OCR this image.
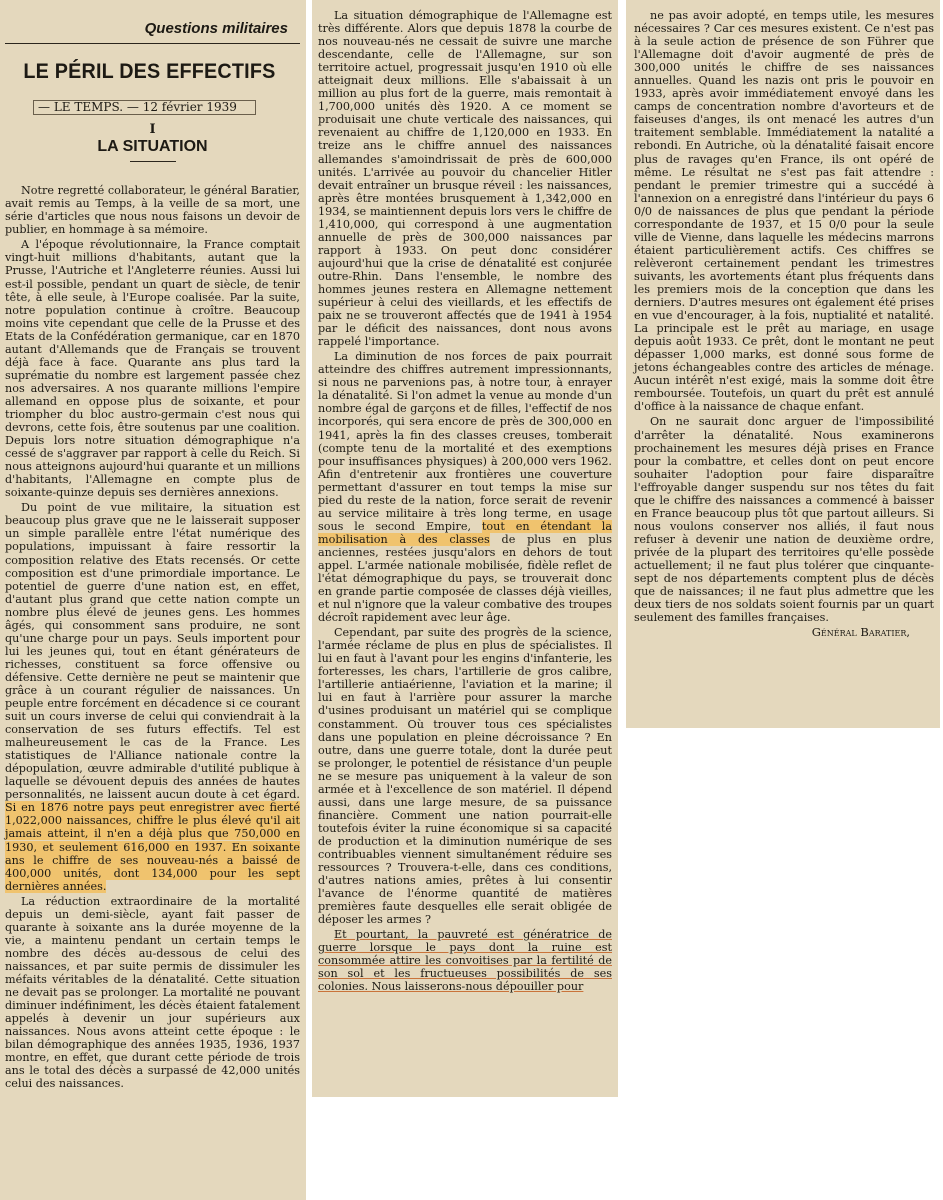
Questions militaires
LE PÉRIL DES EFFECTIFS
— LE TEMPS. — 12 février 1939
I
LA SITUATION

Notre regretté collaborateur, le général Baratier, avait remis au Temps, à la veille de sa mort, une série d'articles que nous nous faisons un devoir de publier, en hommage à sa mémoire.

A l'époque révolutionnaire, la France comptait vingt-huit millions d'habitants, autant que la Prusse, l'Autriche et l'Angleterre réunies. Aussi lui est-il possible, pendant un quart de siècle, de tenir tête, à elle seule, à l'Europe coalisée. Par la suite, notre population continue à croître. Beaucoup moins vite cependant que celle de la Prusse et des Etats de la Confédération germanique, car en 1870 autant d'Allemands que de Français se trouvent déjà face à face. Quarante ans plus tard la suprématie du nombre est largement passée chez nos adversaires. A nos quarante millions l'empire allemand en oppose plus de soixante, et pour triompher du bloc austro-germain c'est nous qui devrons, cette fois, être soutenus par une coalition. Depuis lors notre situation démographique n'a cessé de s'aggraver par rapport à celle du Reich. Si nous atteignons aujourd'hui quarante et un millions d'habitants, l'Allemagne en compte plus de soixante-quinze depuis ses dernières annexions.

Du point de vue militaire, la situation est beaucoup plus grave que ne le laisserait supposer un simple parallèle entre l'état numérique des populations, impuissant à faire ressortir la composition relative des Etats recensés. Or cette composition est d'une primordiale importance. Le potentiel de guerre d'une nation est, en effet, d'autant plus grand que cette nation compte un nombre plus élevé de jeunes gens. Les hommes âgés, qui consomment sans produire, ne sont qu'une charge pour un pays. Seuls importent pour lui les jeunes qui, tout en étant générateurs de richesses, constituent sa force offensive ou défensive. Cette dernière ne peut se maintenir que grâce à un courant régulier de naissances. Un peuple entre forcément en décadence si ce courant suit un cours inverse de celui qui conviendrait à la conservation de ses futurs effectifs. Tel est malheureusement le cas de la France. Les statistiques de l'Alliance nationale contre la dépopulation, œuvre admirable d'utilité publique à laquelle se dévouent depuis des années de hautes personnalités, ne laissent aucun doute à cet égard. Si en 1876 notre pays peut enregistrer avec fierté 1,022,000 naissances, chiffre le plus élevé qu'il ait jamais atteint, il n'en a déjà plus que 750,000 en 1930, et seulement 616,000 en 1937. En soixante ans le chiffre de ses nouveau-nés a baissé de 400,000 unités, dont 134,000 pour les sept dernières années.

La réduction extraordinaire de la mortalité depuis un demi-siècle, ayant fait passer de quarante à soixante ans la durée moyenne de la vie, a maintenu pendant un certain temps le nombre des décès au-dessous de celui des naissances, et par suite permis de dissimuler les méfaits véritables de la dénatalité. Cette situation ne devait pas se prolonger. La mortalité ne pouvant diminuer indéfiniment, les décès étaient fatalement appelés à devenir un jour supérieurs aux naissances. Nous avons atteint cette époque : le bilan démographique des années 1935, 1936, 1937 montre, en effet, que durant cette période de trois ans le total des décès a surpassé de 42,000 unités celui des naissances.

La situation démographique de l'Allemagne est très différente. Alors que depuis 1878 la courbe de nos nouveau-nés ne cessait de suivre une marche descendante, celle de l'Allemagne, sur son territoire actuel, progressait jusqu'en 1910 où elle atteignait deux millions. Elle s'abaissait à un million au plus fort de la guerre, mais remontait à 1,700,000 unités dès 1920. A ce moment se produisait une chute verticale des naissances, qui revenaient au chiffre de 1,120,000 en 1933. En treize ans le chiffre annuel des naissances allemandes s'amoindrissait de près de 600,000 unités. L'arrivée au pouvoir du chancelier Hitler devait entraîner un brusque réveil : les naissances, après être montées brusquement à 1,342,000 en 1934, se maintiennent depuis lors vers le chiffre de 1,410,000, qui correspond à une augmentation annuelle de près de 300,000 naissances par rapport à 1933. On peut donc considérer aujourd'hui que la crise de dénatalité est conjurée outre-Rhin. Dans l'ensemble, le nombre des hommes jeunes restera en Allemagne nettement supérieur à celui des vieillards, et les effectifs de paix ne se trouveront affectés que de 1941 à 1954 par le déficit des naissances, dont nous avons rappelé l'importance.

La diminution de nos forces de paix pourrait atteindre des chiffres autrement impressionnants, si nous ne parvenions pas, à notre tour, à enrayer la dénatalité. Si l'on admet la venue au monde d'un nombre égal de garçons et de filles, l'effectif de nos incorporés, qui sera encore de près de 300,000 en 1941, après la fin des classes creuses, tomberait (compte tenu de la mortalité et des exemptions pour insuffisances physiques) à 200,000 vers 1962. Afin d'entretenir aux frontières une couverture permettant d'assurer en tout temps la mise sur pied du reste de la nation, force serait de revenir au service militaire à très long terme, en usage sous le second Empire, tout en étendant la mobilisation à des classes de plus en plus anciennes, restées jusqu'alors en dehors de tout appel. L'armée nationale mobilisée, fidèle reflet de l'état démographique du pays, se trouverait donc en grande partie composée de classes déjà vieilles, et nul n'ignore que la valeur combative des troupes décroît rapidement avec leur âge.

Cependant, par suite des progrès de la science, l'armée réclame de plus en plus de spécialistes. Il lui en faut à l'avant pour les engins d'infanterie, les forteresses, les chars, l'artillerie de gros calibre, l'artillerie antiaérienne, l'aviation et la marine; il lui en faut à l'arrière pour assurer la marche d'usines produisant un matériel qui se complique constamment. Où trouver tous ces spécialistes dans une population en pleine décroissance ? En outre, dans une guerre totale, dont la durée peut se prolonger, le potentiel de résistance d'un peuple ne se mesure pas uniquement à la valeur de son armée et à l'excellence de son matériel. Il dépend aussi, dans une large mesure, de sa puissance financière. Comment une nation pourrait-elle toutefois éviter la ruine économique si sa capacité de production et la diminution numérique de ses contribuables viennent simultanément réduire ses ressources ? Trouvera-t-elle, dans ces conditions, d'autres nations amies, prêtes à lui consentir l'avance de l'énorme quantité de matières premières faute desquelles elle serait obligée de déposer les armes ?

Et pourtant, la pauvreté est génératrice de guerre lorsque le pays dont la ruine est consommée attire les convoitises par la fertilité de son sol et les fructueuses possibilités de ses colonies. Nous laisserons-nous dépouiller pour

ne pas avoir adopté, en temps utile, les mesures nécessaires ? Car ces mesures existent. Ce n'est pas à la seule action de présence de son Führer que l'Allemagne doit d'avoir augmenté de près de 300,000 unités le chiffre de ses naissances annuelles. Quand les nazis ont pris le pouvoir en 1933, après avoir immédiatement envoyé dans les camps de concentration nombre d'avorteurs et de faiseuses d'anges, ils ont menacé les autres d'un traitement semblable. Immédiatement la natalité a rebondi. En Autriche, où la dénatalité faisait encore plus de ravages qu'en France, ils ont opéré de même. Le résultat ne s'est pas fait attendre : pendant le premier trimestre qui a succédé à l'annexion on a enregistré dans l'intérieur du pays 6 0/0 de naissances de plus que pendant la période correspondante de 1937, et 15 0/0 pour la seule ville de Vienne, dans laquelle les médecins marrons étaient particulièrement actifs. Ces chiffres se relèveront certainement pendant les trimestres suivants, les avortements étant plus fréquents dans les premiers mois de la conception que dans les derniers. D'autres mesures ont également été prises en vue d'encourager, à la fois, nuptialité et natalité. La principale est le prêt au mariage, en usage depuis août 1933. Ce prêt, dont le montant ne peut dépasser 1,000 marks, est donné sous forme de jetons échangeables contre des articles de ménage. Aucun intérêt n'est exigé, mais la somme doit être remboursée. Toutefois, un quart du prêt est annulé d'office à la naissance de chaque enfant.

On ne saurait donc arguer de l'impossibilité d'arrêter la dénatalité. Nous examinerons prochainement les mesures déjà prises en France pour la combattre, et celles dont on peut encore souhaiter l'adoption pour faire disparaître l'effroyable danger suspendu sur nos têtes du fait que le chiffre des naissances a commencé à baisser en France beaucoup plus tôt que partout ailleurs. Si nous voulons conserver nos alliés, il faut nous refuser à devenir une nation de deuxième ordre, privée de la plupart des territoires qu'elle possède actuellement; il ne faut plus tolérer que cinquante-sept de nos départements comptent plus de décès que de naissances; il ne faut plus admettre que les deux tiers de nos soldats soient fournis par un quart seulement des familles françaises.

Général Baratier,
